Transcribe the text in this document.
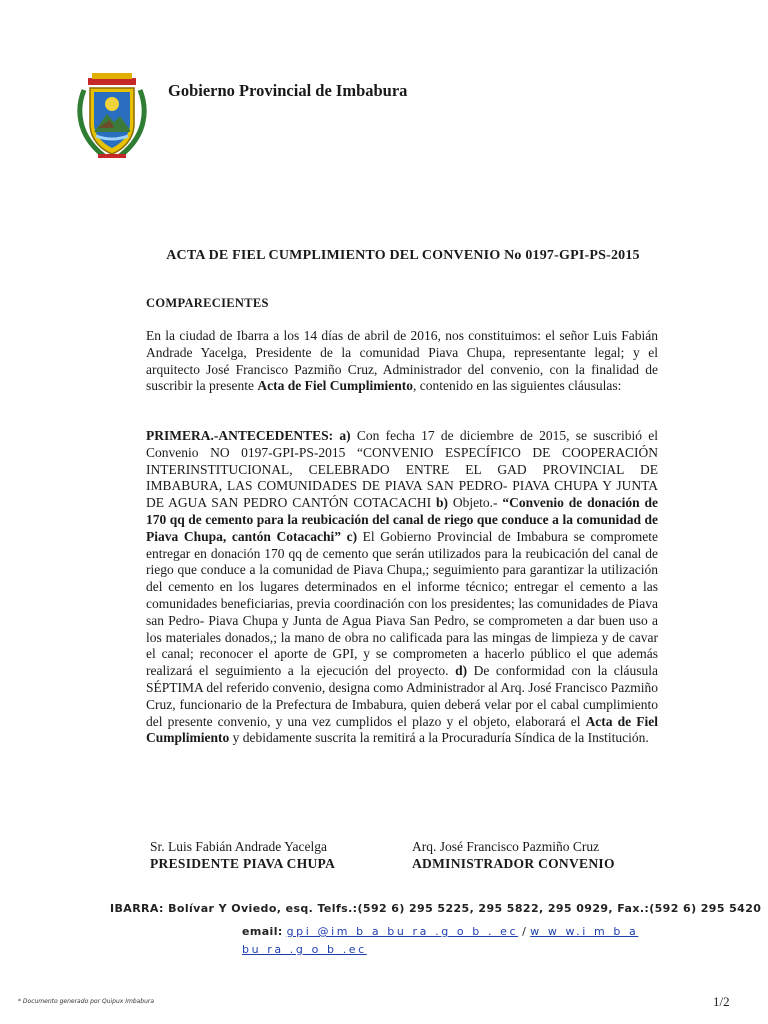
Gobierno Provincial de Imbabura
ACTA DE FIEL CUMPLIMIENTO DEL CONVENIO No 0197-GPI-PS-2015
COMPARECIENTES
En la ciudad de Ibarra a los 14 días de abril de 2016, nos constituimos: el señor Luis Fabián Andrade Yacelga, Presidente de la comunidad Piava Chupa, representante legal; y el arquitecto José Francisco Pazmiño Cruz, Administrador del convenio, con la finalidad de suscribir la presente Acta de Fiel Cumplimiento, contenido en las siguientes cláusulas:
PRIMERA.-ANTECEDENTES: a) Con fecha 17 de diciembre de 2015, se suscribió el Convenio NO 0197-GPI-PS-2015 “CONVENIO ESPECÍFICO DE COOPERACIÓN INTERINSTITUCIONAL, CELEBRADO ENTRE EL GAD PROVINCIAL DE IMBABURA, LAS COMUNIDADES DE PIAVA SAN PEDRO- PIAVA CHUPA Y JUNTA DE AGUA SAN PEDRO CANTÓN COTACACHI b) Objeto.- “Convenio de donación de 170 qq de cemento para la reubicación del canal de riego que conduce a la comunidad de Piava Chupa, cantón Cotacachi” c) El Gobierno Provincial de Imbabura se compromete entregar en donación 170 qq de cemento que serán utilizados para la reubicación del canal de riego que conduce a la comunidad de Piava Chupa,; seguimiento para garantizar la utilización del cemento en los lugares determinados en el informe técnico; entregar el cemento a las comunidades beneficiarias, previa coordinación con los presidentes; las comunidades de Piava san Pedro- Piava Chupa y Junta de Agua Piava San Pedro, se comprometen a dar buen uso a los materiales donados,; la mano de obra no calificada para las mingas de limpieza y de cavar el canal; reconocer el aporte de GPI, y se comprometen a hacerlo público el que además realizará el seguimiento a la ejecución del proyecto. d) De conformidad con la cláusula SÉPTIMA del referido convenio, designa como Administrador al Arq. José Francisco Pazmiño Cruz, funcionario de la Prefectura de Imbabura, quien deberá velar por el cabal cumplimiento del presente convenio, y una vez cumplidos el plazo y el objeto, elaborará el Acta de Fiel Cumplimiento y debidamente suscrita la remitirá a la Procuraduría Síndica de la Institución.
Sr. Luis Fabián Andrade Yacelga
PRESIDENTE PIAVA CHUPA
Arq. José Francisco Pazmiño Cruz
ADMINISTRADOR CONVENIO
IBARRA: Bolívar Y Oviedo, esq. Telfs.:(592 6) 295 5225, 295 5822, 295 0929, Fax.:(592 6) 295 5420
email: gpi @im b a bu ra .g o b . ec / w w w.i m b a bu ra .g o b .ec
* Documento generado por Quipux Imbabura	1/2
